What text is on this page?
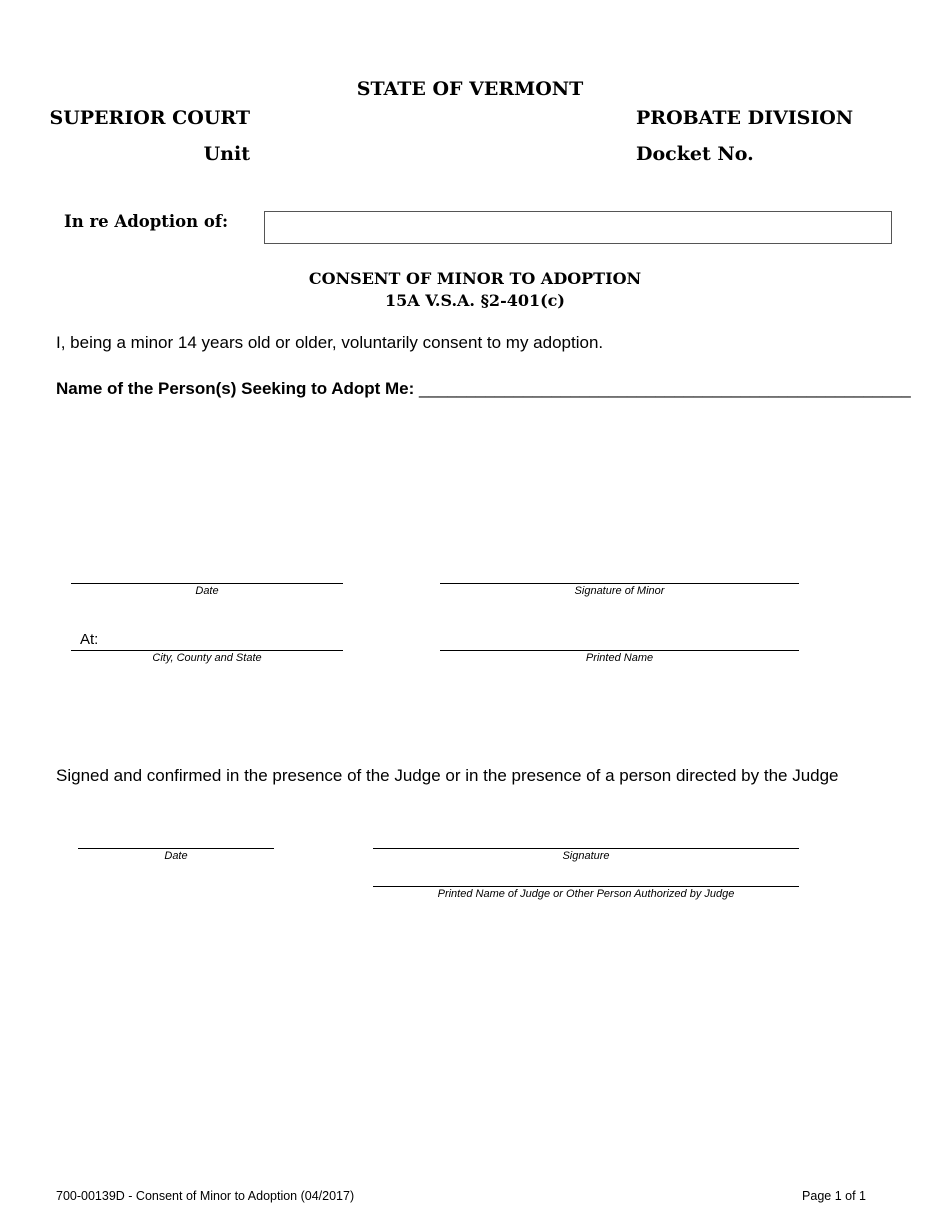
STATE OF VERMONT
SUPERIOR COURT
Unit
PROBATE DIVISION
Docket No.
In re Adoption of:
CONSENT OF MINOR TO ADOPTION
15A V.S.A. §2-401(c)
I, being a minor 14 years old or older, voluntarily consent to my adoption.
Name of the Person(s) Seeking to Adopt Me: ____________________________________________________
Date	Signature of Minor
At:
City, County and State	Printed Name
Signed and confirmed in the presence of the Judge or in the presence of a person directed by the Judge
Date	Signature
Printed Name of Judge or Other Person Authorized by Judge
700-00139D - Consent of Minor to Adoption (04/2017)	Page 1 of 1
